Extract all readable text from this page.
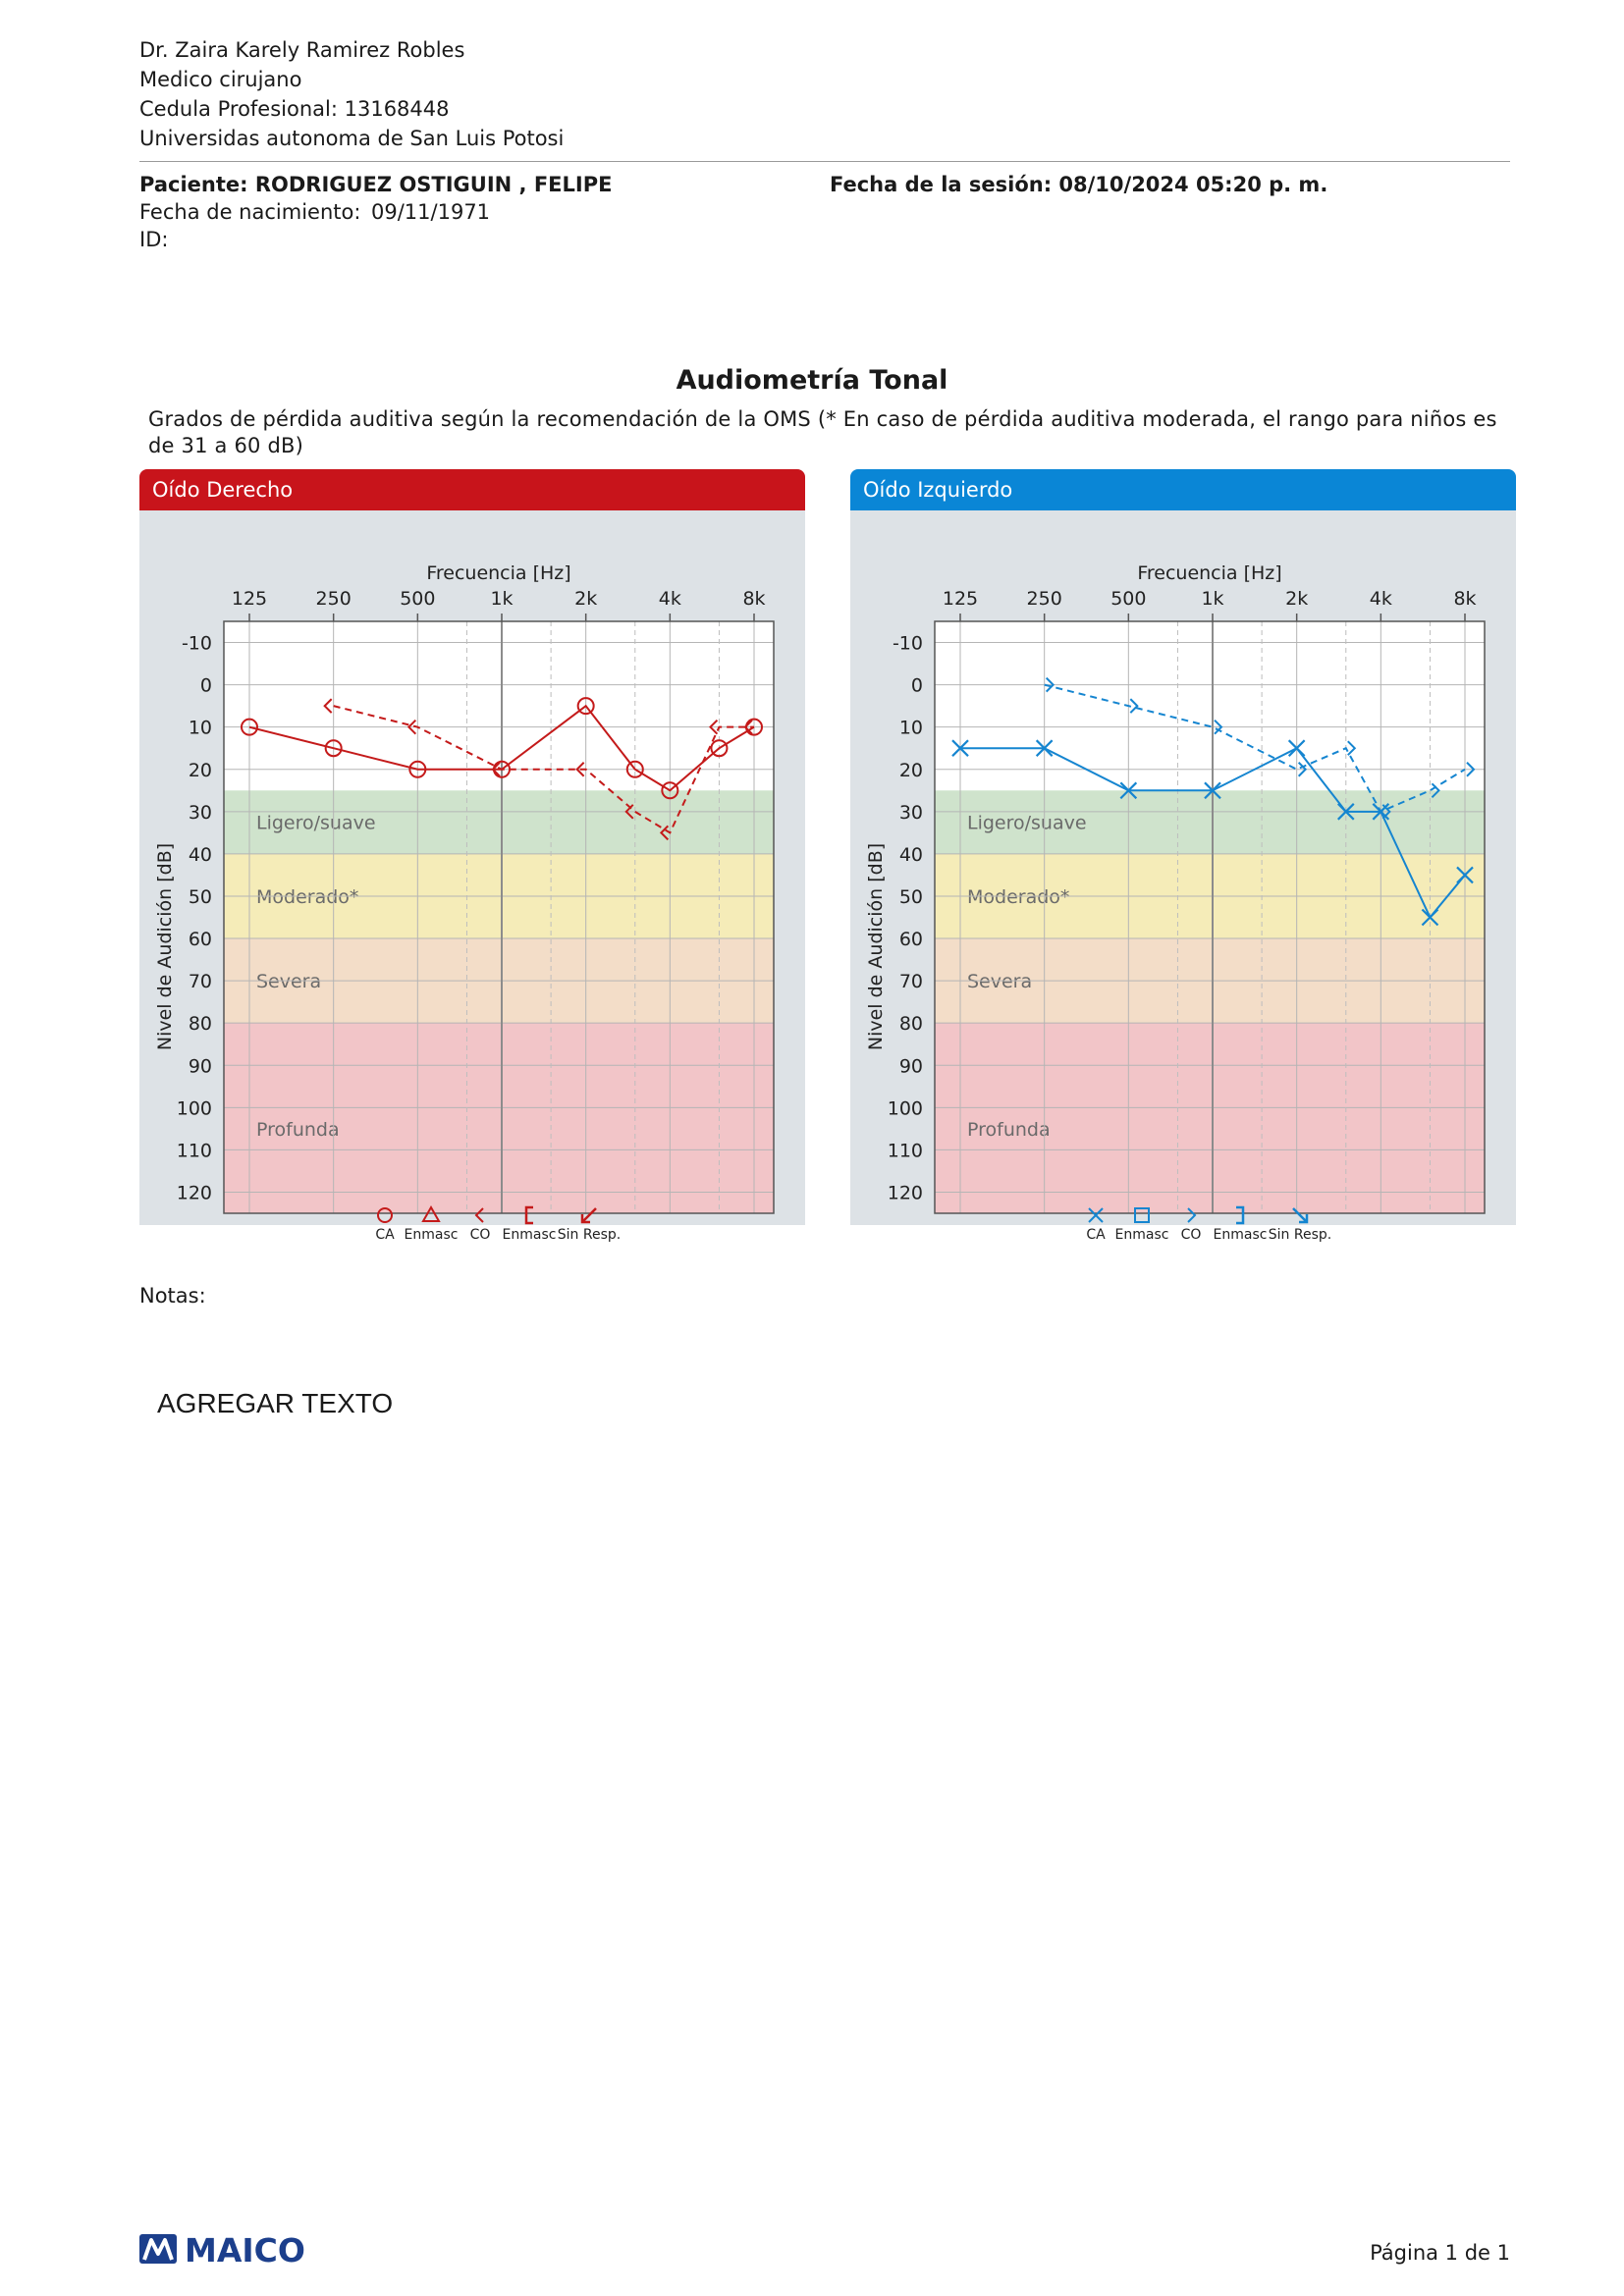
Dr. Zaira Karely Ramirez Robles
Medico cirujano
Cedula Profesional: 13168448
Universidas autonoma de San Luis Potosi
Paciente: RODRIGUEZ OSTIGUIN , FELIPE	Fecha de la sesión: 08/10/2024 05:20 p. m.
Fecha de nacimiento: 09/11/1971
ID:
Audiometría Tonal
Grados de pérdida auditiva según la recomendación de la OMS (* En caso de pérdida auditiva moderada, el rango para niños es de 31 a 60 dB)
Oído Derecho
Ligero/suave
Moderado*
Severa
Profunda
125	250	500	1k	2k	4k	8k
-10
0
10
20
30
40
50
60
70
80
90
100
110
120
Frecuencia [Hz]
Nivel de Audición [dB]
CA Enmasc CO Enmasc Sin Resp.
Oído Izquierdo
Ligero/suave
Moderado*
Severa
Profunda
125	250	500	1k	2k	4k	8k
-10
0
10
20
30
40
50
60
70
80
90
100
110
120
Frecuencia [Hz]
Nivel de Audición [dB]
CA Enmasc CO Enmasc Sin Resp.
Notas:
AGREGAR TEXTO
MAICO	Página 1 de 1
